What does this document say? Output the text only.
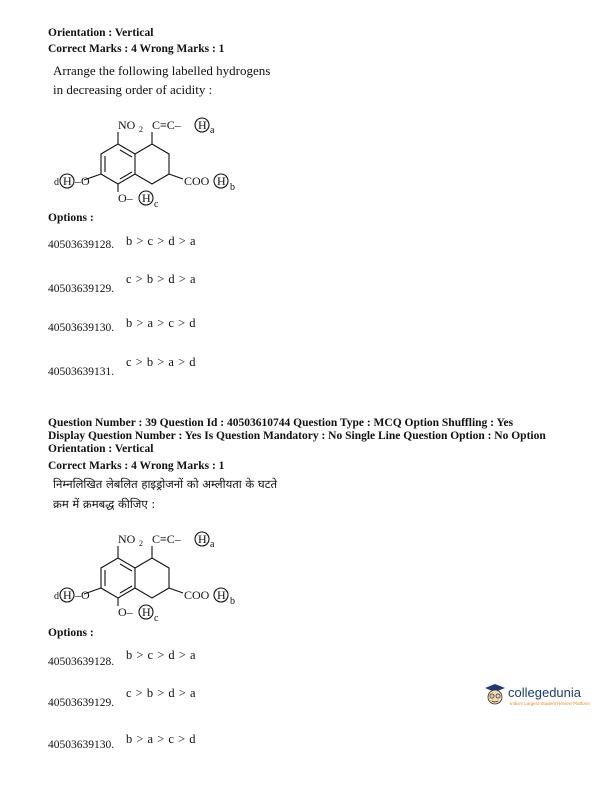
Orientation : Vertical
Correct Marks : 4 Wrong Marks : 1
Arrange the following labelled hydrogens
in decreasing order of acidity :
NO 2 C≡C– H a
d H –O
O– H c
COO H b
Options :
40503639128. b > c > d > a
40503639129.
c > b > d > a
40503639130. b > a > c > d
40503639131.
c > b > a > d
Question Number : 39 Question Id : 40503610744 Question Type : MCQ Option Shuffling : Yes
Display Question Number : Yes Is Question Mandatory : No Single Line Question Option : No Option
Orientation : Vertical
Correct Marks : 4 Wrong Marks : 1
निम्नलिखित लेबलित हाइड्रोजनों को अम्लीयता के घटते
क्रम में क्रमबद्ध कीजिए :
NO 2 C≡C– H a
d H –O
O– H c
COO H b
Options :
40503639128. b > c > d > a
40503639129.
c > b > d > a
40503639130. b > a > c > d
collegedunia
India's Largest Student Review Platform
